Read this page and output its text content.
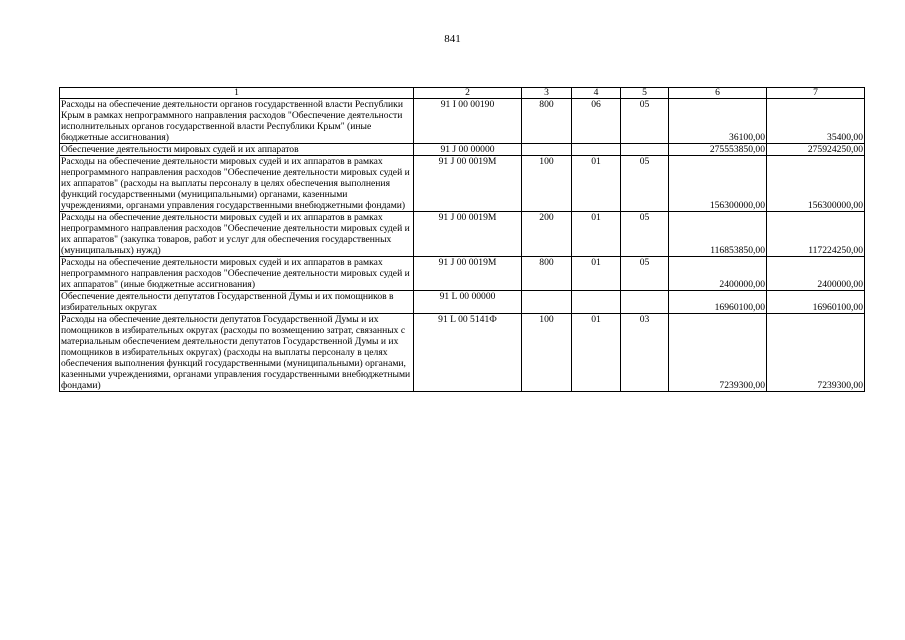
841
1	2	3	4	5	6	7
Расходы на обеспечение деятельности органов государственной власти Республики Крым в рамках непрограммного направления расходов "Обеспечение деятельности исполнительных органов государственной власти Республики Крым" (иные бюджетные ассигнования)	91 I 00 00190	800	06	05	36100,00	35400,00
Обеспечение деятельности мировых судей и их аппаратов	91 J 00 00000				275553850,00	275924250,00
Расходы на обеспечение деятельности мировых судей и их аппаратов в рамках непрограммного направления расходов "Обеспечение деятельности мировых судей и их аппаратов" (расходы на выплаты персоналу в целях обеспечения выполнения функций государственными (муниципальными) органами, казенными учреждениями, органами управления государственными внебюджетными фондами)	91 J 00 0019M	100	01	05	156300000,00	156300000,00
Расходы на обеспечение деятельности мировых судей и их аппаратов в рамках непрограммного направления расходов "Обеспечение деятельности мировых судей и их аппаратов" (закупка товаров, работ и услуг для обеспечения государственных (муниципальных) нужд)	91 J 00 0019M	200	01	05	116853850,00	117224250,00
Расходы на обеспечение деятельности мировых судей и их аппаратов в рамках непрограммного направления расходов "Обеспечение деятельности мировых судей и их аппаратов" (иные бюджетные ассигнования)	91 J 00 0019M	800	01	05	2400000,00	2400000,00
Обеспечение деятельности депутатов Государственной Думы и их помощников в избирательных округах	91 L 00 00000				16960100,00	16960100,00
Расходы на обеспечение деятельности депутатов Государственной Думы и их помощников в избирательных округах (расходы по возмещению затрат, связанных с материальным обеспечением деятельности депутатов Государственной Думы и их помощников в избирательных округах) (расходы на выплаты персоналу в целях обеспечения выполнения функций государственными (муниципальными) органами, казенными учреждениями, органами управления государственными внебюджетными фондами)	91 L 00 5141Ф	100	01	03	7239300,00	7239300,00
